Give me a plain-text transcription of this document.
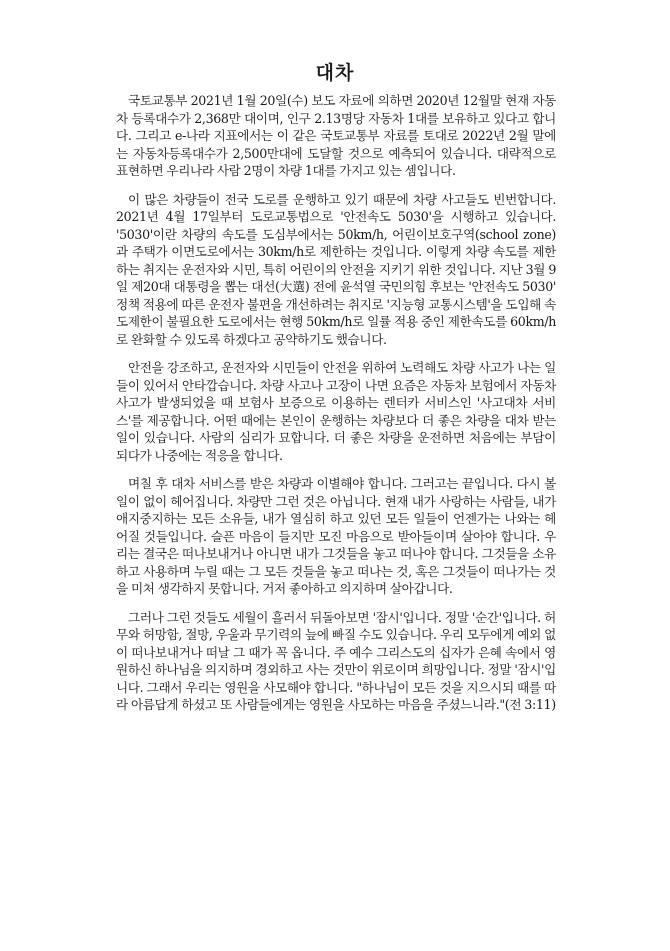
대차

국토교통부 2021년 1월 20일(수) 보도 자료에 의하면 2020년 12월말 현재 자동차 등록대수가 2,368만 대이며, 인구 2.13명당 자동차 1대를 보유하고 있다고 합니다. 그리고 e-나라 지표에서는 이 같은 국토교통부 자료를 토대로 2022년 2월 말에는 자동차등록대수가 2,500만대에 도달할 것으로 예측되어 있습니다. 대략적으로 표현하면 우리나라 사람 2명이 차량 1대를 가지고 있는 셈입니다.

이 많은 차량들이 전국 도로를 운행하고 있기 때문에 차량 사고들도 빈번합니다. 2021년 4월 17일부터 도로교통법으로 '안전속도 5030'을 시행하고 있습니다. '5030'이란 차량의 속도를 도심부에서는 50km/h, 어린이보호구역(school zone)과 주택가 이면도로에서는 30km/h로 제한하는 것입니다. 이렇게 차량 속도를 제한하는 취지는 운전자와 시민, 특히 어린이의 안전을 지키기 위한 것입니다. 지난 3월 9일 제20대 대통령을 뽑는 대선(大選) 전에 윤석열 국민의힘 후보는 '안전속도 5030' 정책 적용에 따른 운전자 불편을 개선하려는 취지로 '지능형 교통시스템'을 도입해 속도제한이 불필요한 도로에서는 현행 50km/h로 일률 적용 중인 제한속도를 60km/h로 완화할 수 있도록 하겠다고 공약하기도 했습니다.

안전을 강조하고, 운전자와 시민들이 안전을 위하여 노력해도 차량 사고가 나는 일들이 있어서 안타깝습니다. 차량 사고나 고장이 나면 요즘은 자동차 보험에서 자동차 사고가 발생되었을 때 보험사 보증으로 이용하는 렌터카 서비스인 '사고대차 서비스'를 제공합니다. 어떤 때에는 본인이 운행하는 차량보다 더 좋은 차량을 대차 받는 일이 있습니다. 사람의 심리가 묘합니다. 더 좋은 차량을 운전하면 처음에는 부담이 되다가 나중에는 적응을 합니다.

며칠 후 대차 서비스를 받은 차량과 이별해야 합니다. 그러고는 끝입니다. 다시 볼 일이 없이 헤어집니다. 차량만 그런 것은 아닙니다. 현재 내가 사랑하는 사람들, 내가 애지중지하는 모든 소유들, 내가 열심히 하고 있던 모든 일들이 언젠가는 나와는 헤어질 것들입니다. 슬픈 마음이 들지만 모진 마음으로 받아들이며 살아야 합니다. 우리는 결국은 떠나보내거나 아니면 내가 그것들을 놓고 떠나야 합니다. 그것들을 소유하고 사용하며 누릴 때는 그 모든 것들을 놓고 떠나는 것, 혹은 그것들이 떠나가는 것을 미처 생각하지 못합니다. 거저 좋아하고 의지하며 살아갑니다.

그러나 그런 것들도 세월이 흘러서 뒤돌아보면 '잠시'입니다. 정말 '순간'입니다. 허무와 허망함, 절망, 우울과 무기력의 늪에 빠질 수도 있습니다. 우리 모두에게 예외 없이 떠나보내거나 떠날 그 때가 꼭 옵니다. 주 예수 그리스도의 십자가 은혜 속에서 영원하신 하나님을 의지하며 경외하고 사는 것만이 위로이며 희망입니다. 정말 '잠시'입니다. 그래서 우리는 영원을 사모해야 합니다. "하나님이 모든 것을 지으시되 때를 따라 아름답게 하셨고 또 사람들에게는 영원을 사모하는 마음을 주셨느니라."(전 3:11)
